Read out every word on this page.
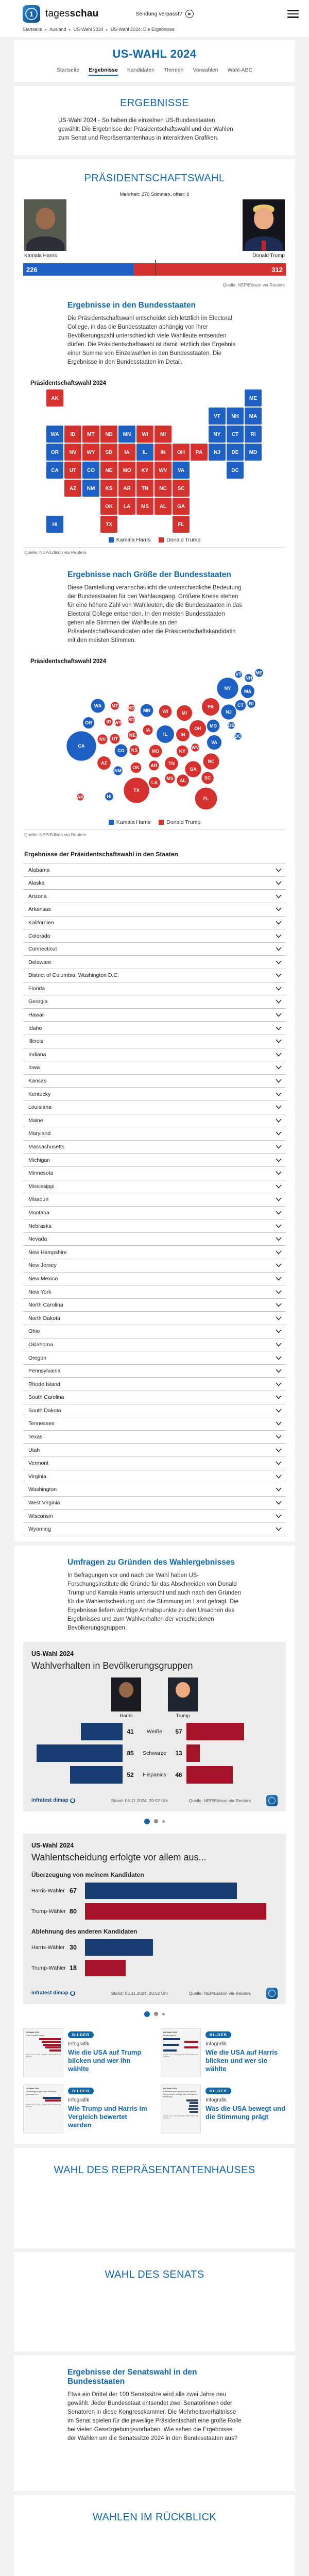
1	tagesschau	Sendung verpasst?	▶
Startseite ▸ Ausland ▸ US-Wahl 2024 ▸ US-Wahl 2024: Die Ergebnisse
US-WAHL 2024
Startseite Ergebnisse Kandidaten Themen Vorwahlen Wahl-ABC
ERGEBNISSE

US-Wahl 2024 - So haben die einzelnen US-Bundesstaaten gewählt: Die Ergebnisse der Präsidentschaftswahl und der Wahlen zum Senat und Repräsentantenhaus in interaktiven Grafiken.

PRÄSIDENTSCHAFTSWAHL
Mehrheit: 270 Stimmen, offen: 0
Kamala Harris	Donald Trump
226	312
Quelle: NEP/Edison via Reuters
Ergebnisse in den Bundesstaaten

Die Präsidentschaftswahl entscheidet sich letztlich im Electoral College, in das die Bundesstaaten abhängig von ihrer Bevölkerungszahl unterschiedlich viele Wahlleute entsenden dürfen. Die Präsidentschaftswahl ist damit letztlich das Ergebnis einer Summe von Einzelwahlen in den Bundesstaaten. Die Ergebnisse in den Bundesstaaten im Detail.

Präsidentschaftswahl 2024
AK	ME
VT NH MA
NY CT RI
WA ID MT ND MN WI MI
OR NV WY SD IA	IL	IN OH PA NJ DE MD
CA UT CO NE MO KY WV VA	DC
AZ NM KS AR TN NC SC
OK LA MS AL GA
HI	TX	FL
Kamala Harris	Donald Trump
Quelle: NEP/Edison via Reuters
Ergebnisse nach Größe der Bundesstaaten

Diese Darstellung veranschaulicht die unterschiedliche Bedeutung der Bundesstaaten für den Wahlausgang. Größere Kreise stehen für eine höhere Zahl von Wahlleuten, die die Bundesstaaten in das Electoral College entsenden. In den meisten Bundesstaaten gehen alle Stimmen der Wahlleute an den Präsidentschaftskandidaten oder die Präsidentschaftskandidatin mit den meisten Stimmen.

Präsidentschaftswahl 2024
AK
ME
VT
NH
MA
NY
CT RI
WA
ID
MT ND MN	WI	MI
OR
NV
WY
SD
IA
IL	IN
OH
PA
NJ
DE
MD
CA
UT
CO
NE
MO	KY
WV
VA
DC
AZ
NM
KS
AR TN	NC
SC
OK
LA
MS AL
GA
HI
TX
FL
Kamala Harris	Donald Trump
Quelle: NEP/Edison via Reuters
Ergebnisse der Präsidentschaftswahl in den Staaten
Alabama
Alaska
Arizona
Arkansas
Kalifornien
Colorado
Connecticut
Delaware
District of Columbia, Washington D.C.
Florida
Georgia
Hawaii
Idaho
Illinois
Indiana
Iowa
Kansas
Kentucky
Louisiana
Maine
Maryland
Massachusetts
Michigan
Minnesota
Mississippi
Missouri
Montana
Nebraska
Nevada
New Hampshire
New Jersey
New Mexico
New York
North Carolina
North Dakota
Ohio
Oklahoma
Oregon
Pennsylvania
Rhode Island
South Carolina
South Dakota
Tennessee
Texas
Utah
Vermont
Virginia
Washington
West Virginia
Wisconsin
Wyoming
Umfragen zu Gründen des Wahlergebnisses

In Befragungen vor und nach der Wahl haben US-Forschungsinstitute die Gründe für das Abschneiden von Donald Trump und Kamala Harris untersucht und auch nach den Gründen für die Wahlentscheidung und die Stimmung im Land gefragt. Die Ergebnisse liefern wichtige Anhaltspunkte zu den Ursachen des Ergebnisses und zum Wahlverhalten der verschiedenen Bevölkerungsgruppen.

US-Wahl 2024
Wahlverhalten in Bevölkerungsgruppen
Harris	Trump
41	Weiße	57
85	Schwarze	13
52	Hispanics	46
infratest dimap	Stand: 06.11.2024, 20:52 Uhr	Quelle: NEP/Edison via Reuters
US-Wahl 2024
Wahlentscheidung erfolgte vor allem aus...
Überzeugung von meinem Kandidaten
Harris-Wähler 67
Trump-Wähler 80
Ablehnung des anderen Kandidaten
Harris-Wähler 30
Trump-Wähler 18
infratest dimap	Stand: 06.11.2024, 20:52 Uhr	Quelle: NEP/Edison via Reuters
US-Wahl 2024
Profil Donald Trump
Stand: 06.11.2024 | Quelle: NEP/Edison via Reuters
BILDER
Infografik
Wie die USA auf Trump blicken und wer ihn wählte
US-Wahl 2024
Profilvergleich
Stand: 06.11.2024 | Quelle: NEP/Edison via Reuters
BILDER
Infografik
Wie die USA auf Harris blicken und wer sie wählte
US-Wahl 2024
Überwiegend gute oder schlechte Meinung von...
Stand: 06.11.2024 | Quelle: NEP/Edison via Reuters
BILDER
Infografik
Wie Trump und Harris im Vergleich bewertet werden
US-Wahl 2024
Entwickelt sich das Land auf diesem Gebiet in die richtige oder die falsche Richtung?
Stand: 06.11.2024 | Quelle: NEP/Edison via Reuters
BILDER
Infografik
Was die USA bewegt und die Stimmung prägt
WAHL DES REPRÄSENTANTENHAUSES
WAHL DES SENATS
Ergebnisse der Senatswahl in den Bundesstaaten

Etwa ein Drittel der 100 Senatssitze wird alle zwei Jahre neu gewählt. Jeder Bundesstaat entsendet zwei Senatorinnen oder Senatoren in diese Kongresskammer. Die Mehrheitsverhältnisse im Senat spielen für die jeweilige Präsidentschaft eine große Rolle bei vielen Gesetzgebungsvorhaben. Wie sehen die Ergebnisse der Wahlen um die Senatssitze 2024 in den Bundesstaaten aus?

WAHLEN IM RÜCKBLICK
